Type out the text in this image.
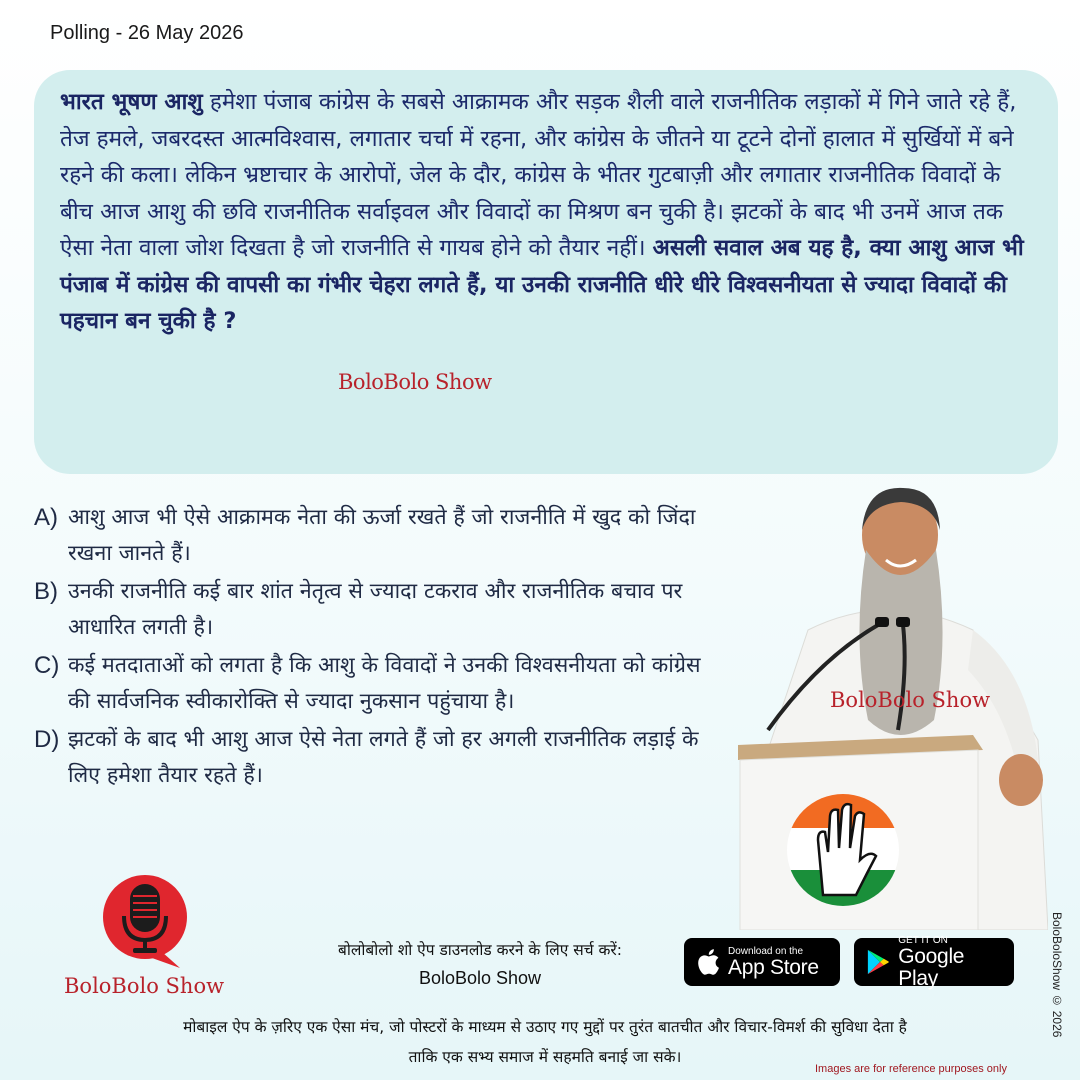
Polling - 26 May 2026

भारत भूषण आशु हमेशा पंजाब कांग्रेस के सबसे आक्रामक और सड़क शैली वाले राजनीतिक लड़ाकों में गिने जाते रहे हैं, तेज हमले, जबरदस्त आत्मविश्वास, लगातार चर्चा में रहना, और कांग्रेस के जीतने या टूटने दोनों हालात में सुर्खियों में बने रहने की कला। लेकिन भ्रष्टाचार के आरोपों, जेल के दौर, कांग्रेस के भीतर गुटबाज़ी और लगातार राजनीतिक विवादों के बीच आज आशु की छवि राजनीतिक सर्वाइवल और विवादों का मिश्रण बन चुकी है। झटकों के बाद भी उनमें आज तक ऐसा नेता वाला जोश दिखता है जो राजनीति से गायब होने को तैयार नहीं। असली सवाल अब यह है, क्या आशु आज भी पंजाब में कांग्रेस की वापसी का गंभीर चेहरा लगते हैं, या उनकी राजनीति धीरे धीरे विश्वसनीयता से ज्यादा विवादों की पहचान बन चुकी है ?

BoloBolo Show
A) आशु आज भी ऐसे आक्रामक नेता की ऊर्जा रखते हैं जो राजनीति में खुद को जिंदा रखना जानते हैं।
B) उनकी राजनीति कई बार शांत नेतृत्व से ज्यादा टकराव और राजनीतिक बचाव पर आधारित लगती है।
C) कई मतदाताओं को लगता है कि आशु के विवादों ने उनकी विश्वसनीयता को कांग्रेस की सार्वजनिक स्वीकारोक्ति से ज्यादा नुकसान पहुंचाया है।
D) झटकों के बाद भी आशु आज ऐसे नेता लगते हैं जो हर अगली राजनीतिक लड़ाई के लिए हमेशा तैयार रहते हैं।
BoloBolo Show
BoloBolo Show
बोलोबोलो शो ऐप डाउनलोड करने के लिए सर्च करें:
BoloBolo Show
Download on the
App Store
GET IT ON
Google Play
मोबाइल ऐप के ज़रिए एक ऐसा मंच, जो पोस्टरों के माध्यम से उठाए गए मुद्दों पर तुरंत बातचीत और विचार-विमर्श की सुविधा देता है
ताकि एक सभ्य समाज में सहमति बनाई जा सके।
BoloBoloShow © 2026
Images are for reference purposes only
